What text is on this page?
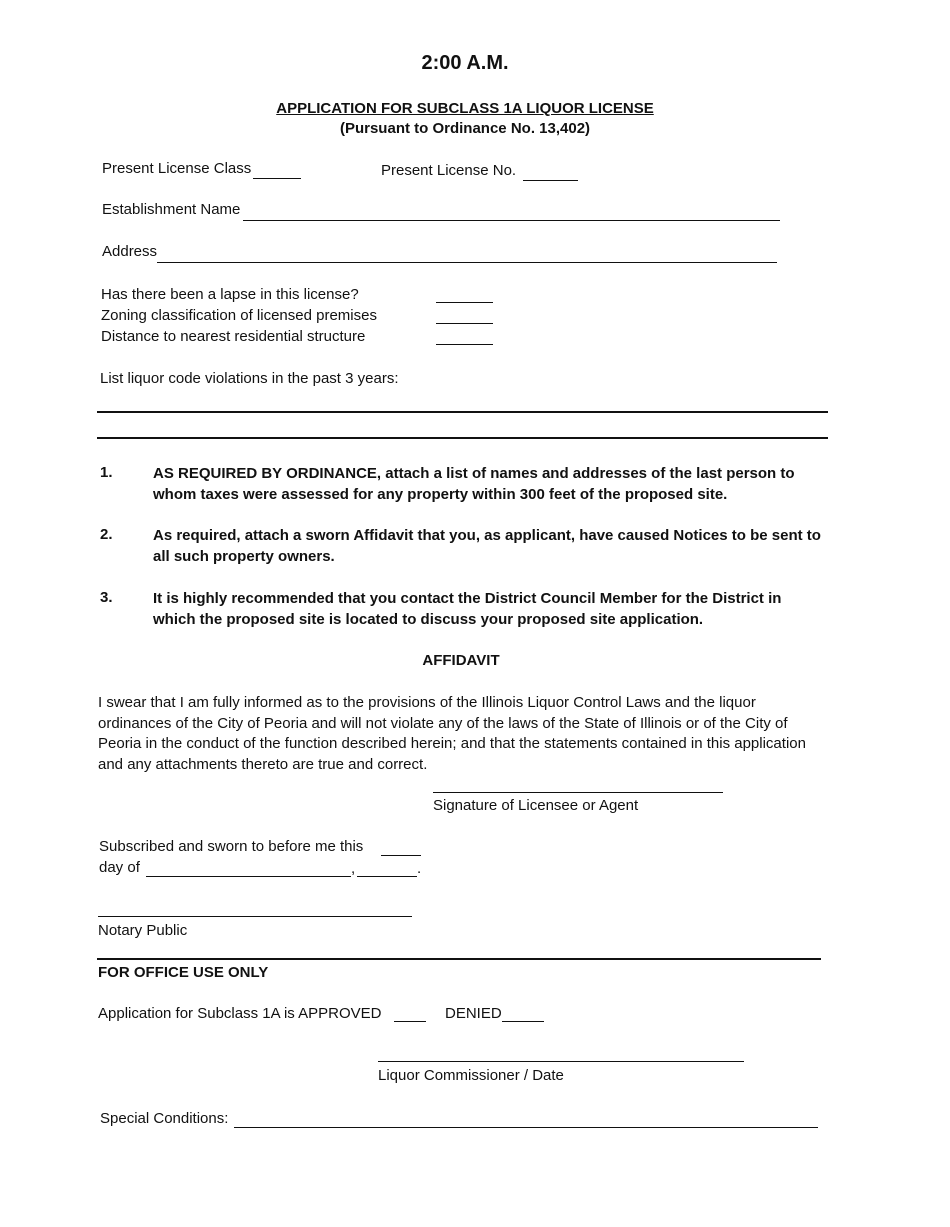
2:00 A.M.
APPLICATION FOR SUBCLASS 1A LIQUOR LICENSE
(Pursuant to Ordinance No. 13,402)
Present License Class	Present License No.
Establishment Name
Address
Has there been a lapse in this license?
Zoning classification of licensed premises
Distance to nearest residential structure
List liquor code violations in the past 3 years:
1.	AS REQUIRED BY ORDINANCE, attach a list of names and addresses of the last person to whom taxes were assessed for any property within 300 feet of the proposed site.
2.	As required, attach a sworn Affidavit that you, as applicant, have caused Notices to be sent to all such property owners.
3.	It is highly recommended that you contact the District Council Member for the District in which the proposed site is located to discuss your proposed site application.
AFFIDAVIT
I swear that I am fully informed as to the provisions of the Illinois Liquor Control Laws and the liquor ordinances of the City of Peoria and will not violate any of the laws of the State of Illinois or of the City of Peoria in the conduct of the function described herein; and that the statements contained in this application and any attachments thereto are true and correct.
Signature of Licensee or Agent
Subscribed and sworn to before me this
day of	,	.
Notary Public
FOR OFFICE USE ONLY
Application for Subclass 1A is APPROVED	DENIED
Liquor Commissioner / Date
Special Conditions:
